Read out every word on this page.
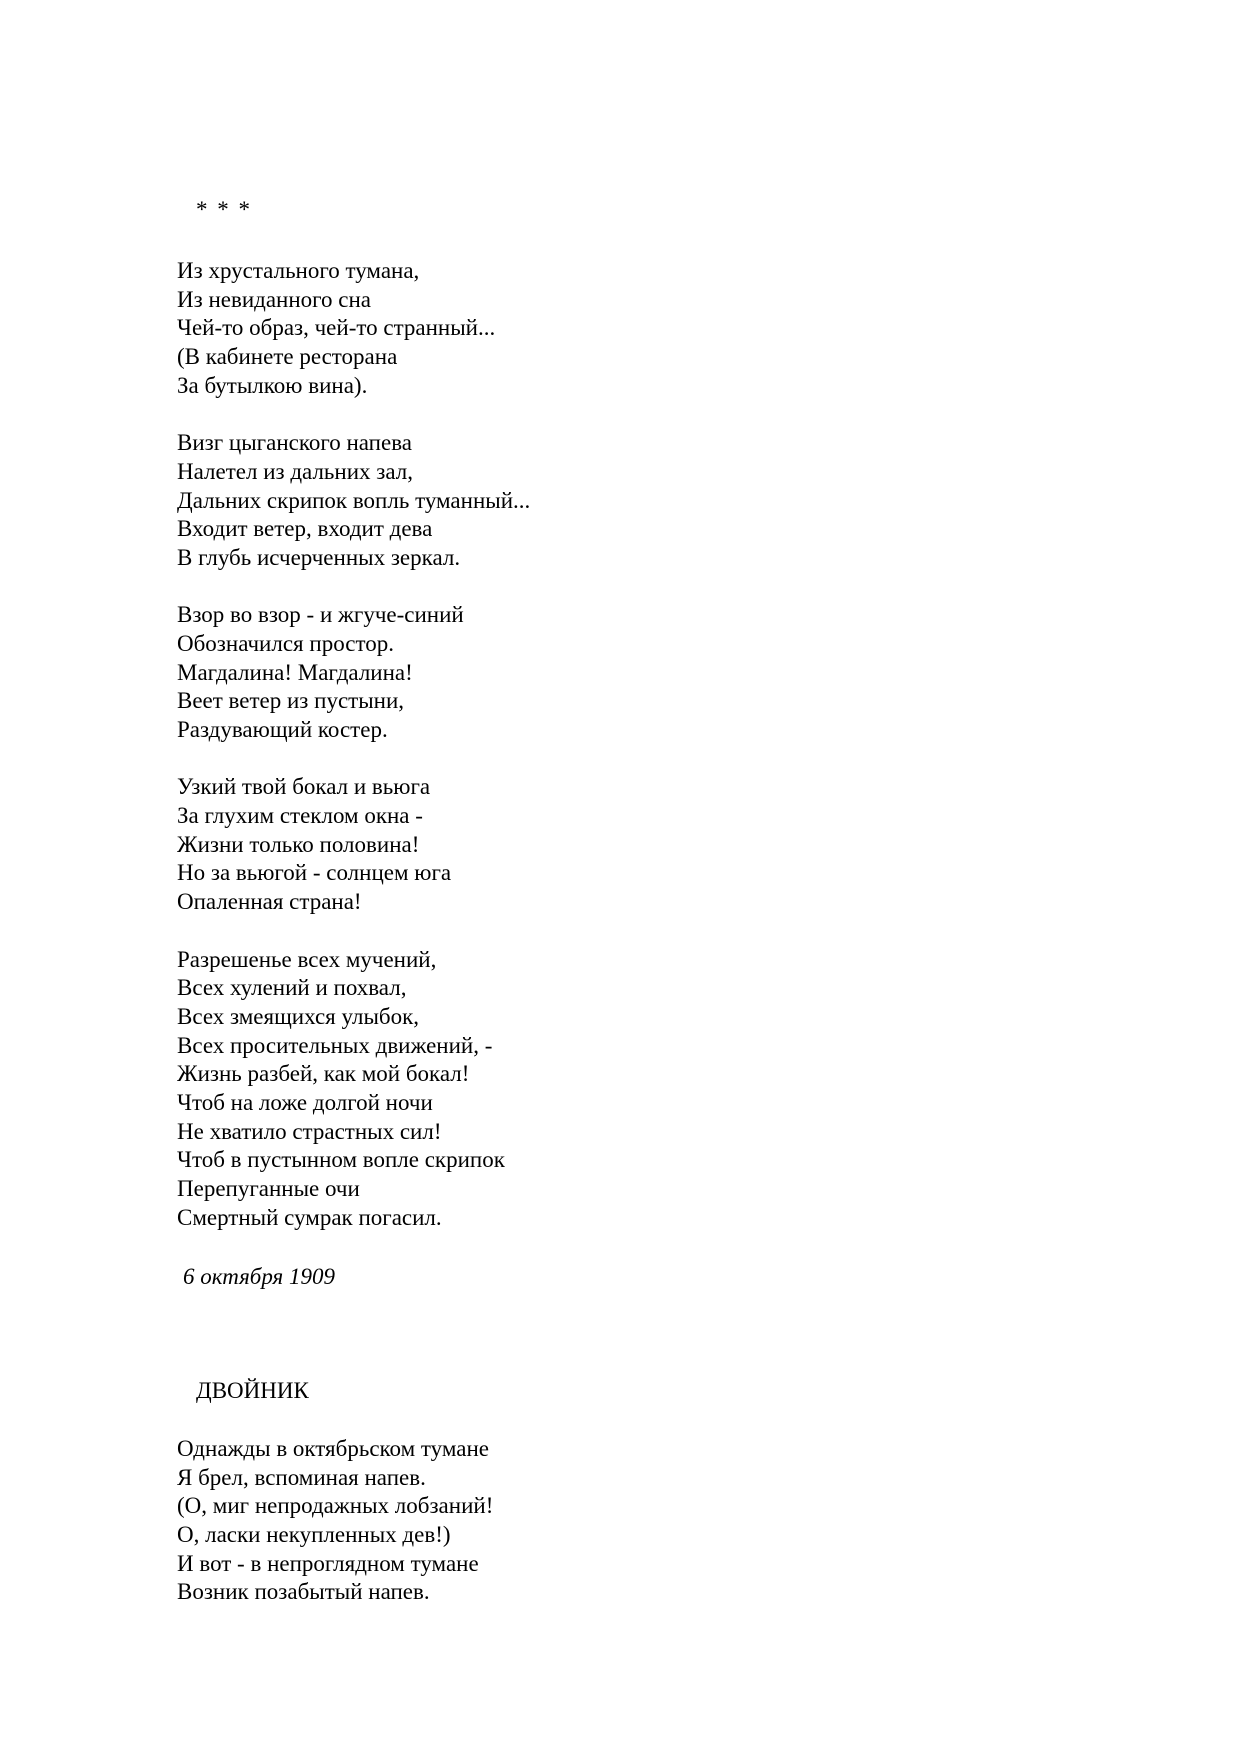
* * *
Из хрустального тумана,
Из невиданного сна
Чей-то образ, чей-то странный...
(В кабинете ресторана
За бутылкою вина).
Визг цыганского напева
Налетел из дальних зал,
Дальних скрипок вопль туманный...
Входит ветер, входит дева
В глубь исчерченных зеркал.
Взор во взор - и жгуче-синий
Обозначился простор.
Магдалина! Магдалина!
Веет ветер из пустыни,
Раздувающий костер.
Узкий твой бокал и вьюга
За глухим стеклом окна -
Жизни только половина!
Но за вьюгой - солнцем юга
Опаленная страна!
Разрешенье всех мучений,
Всех хулений и похвал,
Всех змеящихся улыбок,
Всех просительных движений, -
Жизнь разбей, как мой бокал!
Чтоб на ложе долгой ночи
Не хватило страстных сил!
Чтоб в пустынном вопле скрипок
Перепуганные очи
Смертный сумрак погасил.
6 октября 1909
ДВОЙНИК
Однажды в октябрьском тумане
Я брел, вспоминая напев.
(О, миг непродажных лобзаний!
О, ласки некупленных дев!)
И вот - в непроглядном тумане
Возник позабытый напев.
